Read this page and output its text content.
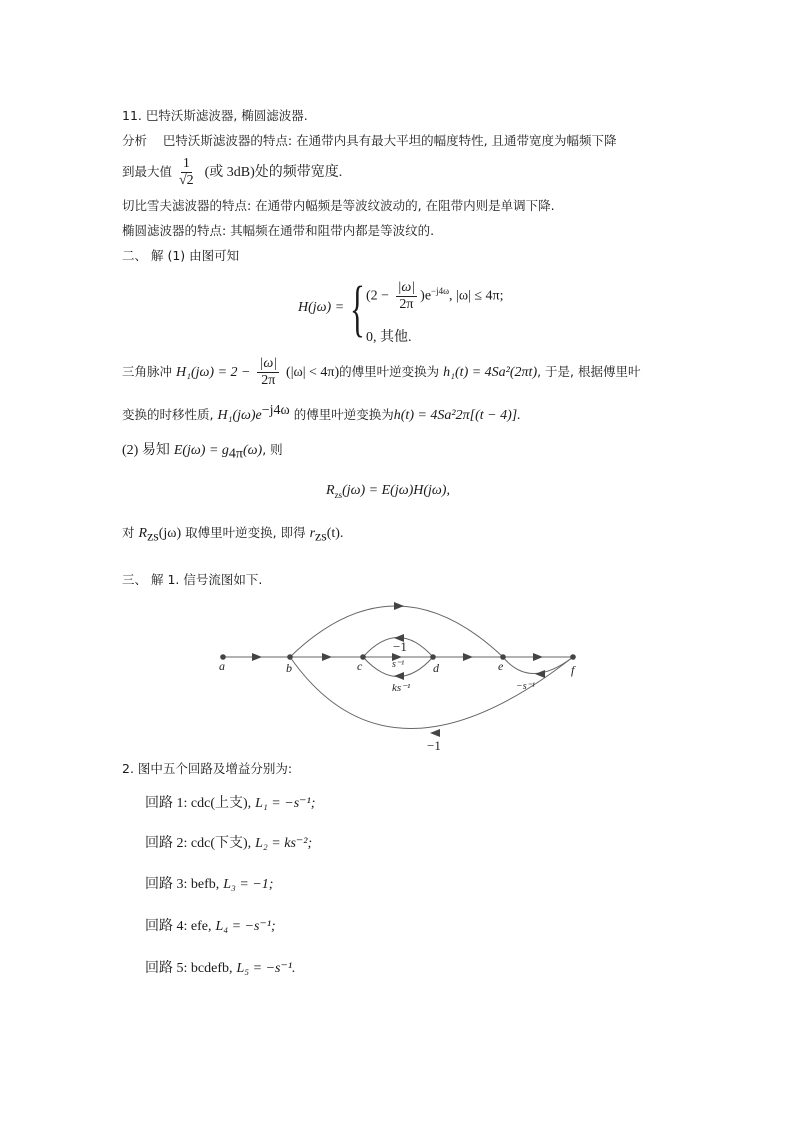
11. 巴特沃斯滤波器, 椭圆滤波器.
分析 巴特沃斯滤波器的特点: 在通带内具有最大平坦的幅度特性, 且通带宽度为幅频下降
到最大值 $\frac{1}{√2}$ (或 3dB)处的频带宽度.
切比雪夫滤波器的特点: 在通带内幅频是等波纹波动的, 在阻带内则是单调下降.
椭圆滤波器的特点: 其幅频在通带和阻带内都是等波纹的.
二、 解 (1) 由图可知
H(jω) = { $(2 - \frac{|\omega|}{2\pi} )e^{-j4\omega}$, |ω| ≤ 4π;
0, 其他.
三角脉冲 $H_1(j\omega) = 2 - \frac{|\omega|}{2\pi} (|\omega| < 4\pi)$的傅里叶逆变换为 h₁(t) = 4Sa²(2πt), 于是, 根据傅里叶
变换的时移性质, $H_1(j\omega)e^{-j4\omega}$ 的傅里叶逆变换为h(t) = 4Sa²2π[(t − 4)].
(2) 易知 $E(j\omega) = g_{4\pi}(\omega)$, 则
$R_{zs}(j\omega) = E(j\omega)H(j\omega)$,
对 $R_{zs}(j\omega)$ 取傅里叶逆变换, 即得 $r_{zs}(t)$.
三、 解 1. 信号流图如下.
a	b	c	d	e	f
−1
s⁻¹
ks⁻¹	−s⁻¹
−1
2. 图中五个回路及增益分别为:
回路 1: cdc(上支), L₁ = −s⁻¹;
回路 2: cdc(下支), L₂ = ks⁻²;
回路 3: befb, L₃ = −1;
回路 4: efe, L₄ = −s⁻¹;
回路 5: bcdefb, L₅ = −s⁻¹.
